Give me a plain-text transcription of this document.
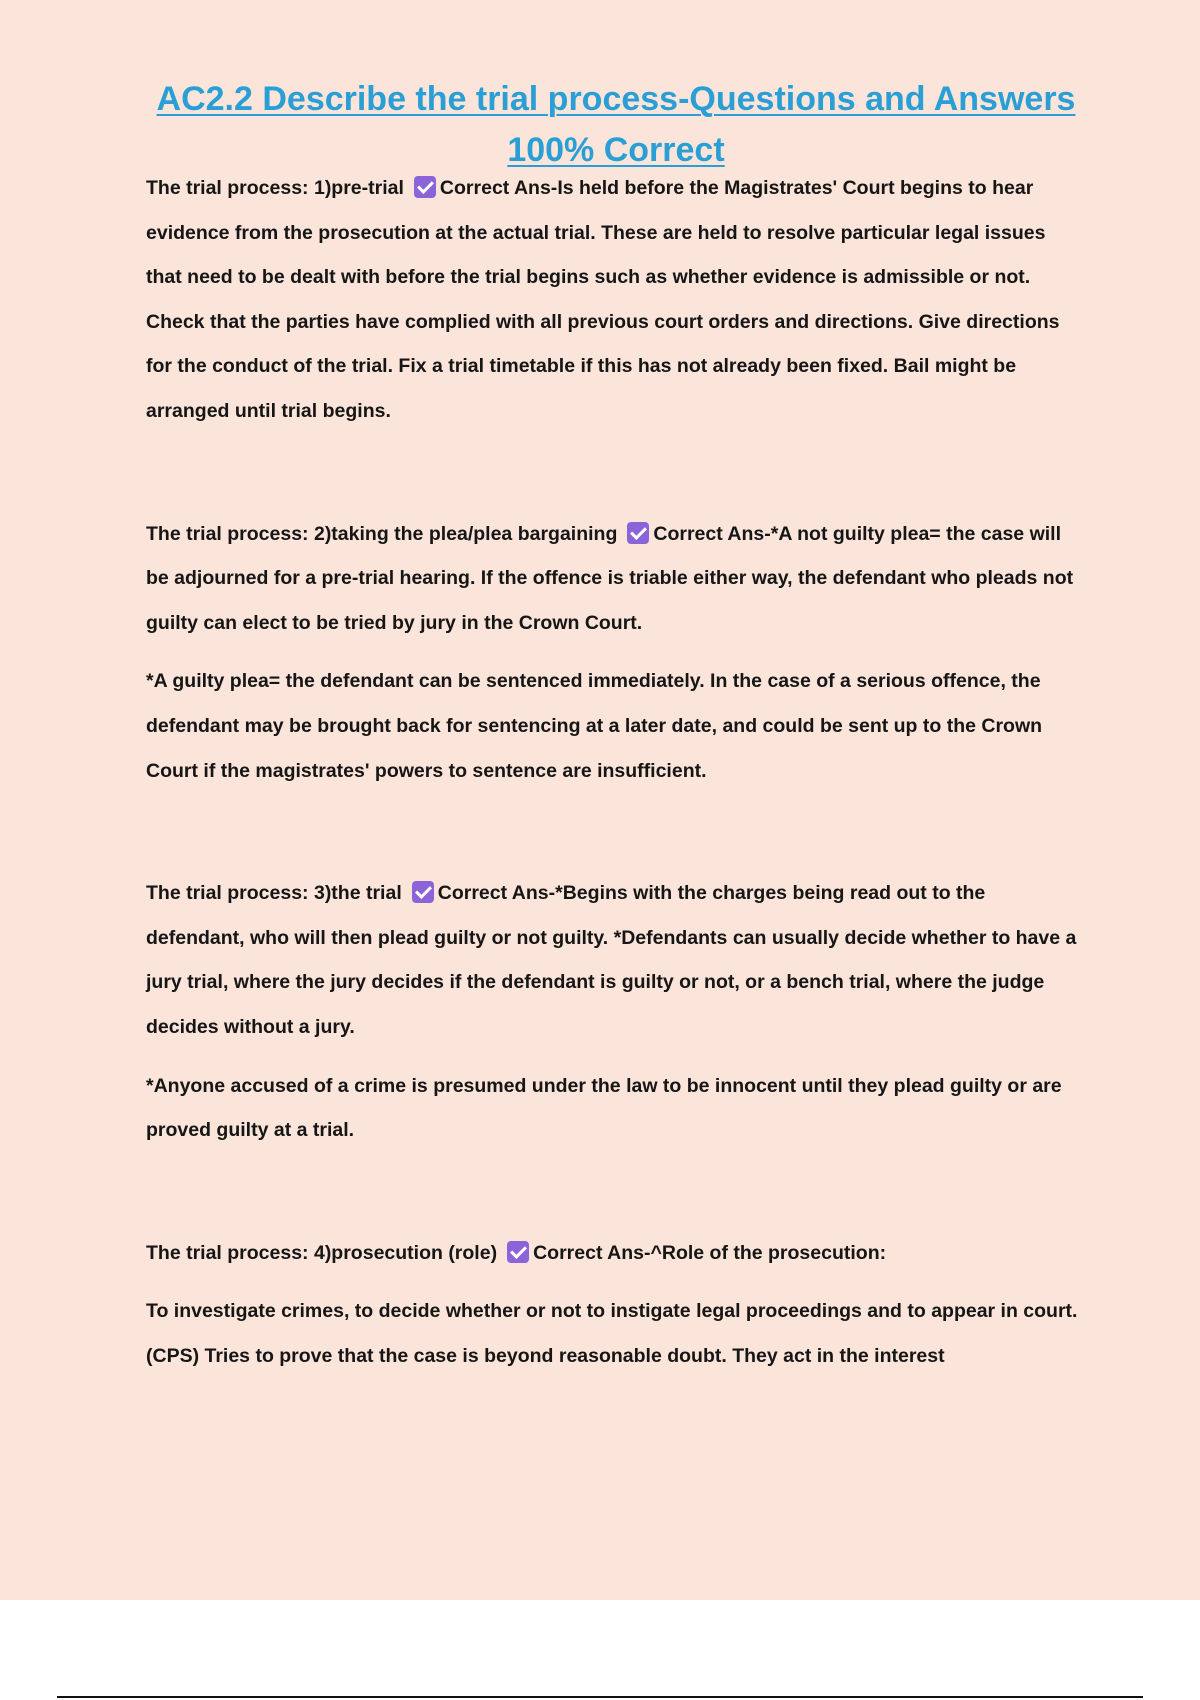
AC2.2 Describe the trial process-Questions and Answers 100% Correct

The trial process: 1)pre-trial Correct Ans-Is held before the Magistrates' Court begins to hear evidence from the prosecution at the actual trial. These are held to resolve particular legal issues that need to be dealt with before the trial begins such as whether evidence is admissible or not. Check that the parties have complied with all previous court orders and directions. Give directions for the conduct of the trial. Fix a trial timetable if this has not already been fixed. Bail might be arranged until trial begins.

The trial process: 2)taking the plea/plea bargaining Correct Ans-*A not guilty plea= the case will be adjourned for a pre-trial hearing. If the offence is triable either way, the defendant who pleads not guilty can elect to be tried by jury in the Crown Court.

*A guilty plea= the defendant can be sentenced immediately. In the case of a serious offence, the defendant may be brought back for sentencing at a later date, and could be sent up to the Crown Court if the magistrates' powers to sentence are insufficient.

The trial process: 3)the trial Correct Ans-*Begins with the charges being read out to the defendant, who will then plead guilty or not guilty. *Defendants can usually decide whether to have a jury trial, where the jury decides if the defendant is guilty or not, or a bench trial, where the judge decides without a jury.

*Anyone accused of a crime is presumed under the law to be innocent until they plead guilty or are proved guilty at a trial.

The trial process: 4)prosecution (role) Correct Ans-^Role of the prosecution:

To investigate crimes, to decide whether or not to instigate legal proceedings and to appear in court. (CPS) Tries to prove that the case is beyond reasonable doubt. They act in the interest
